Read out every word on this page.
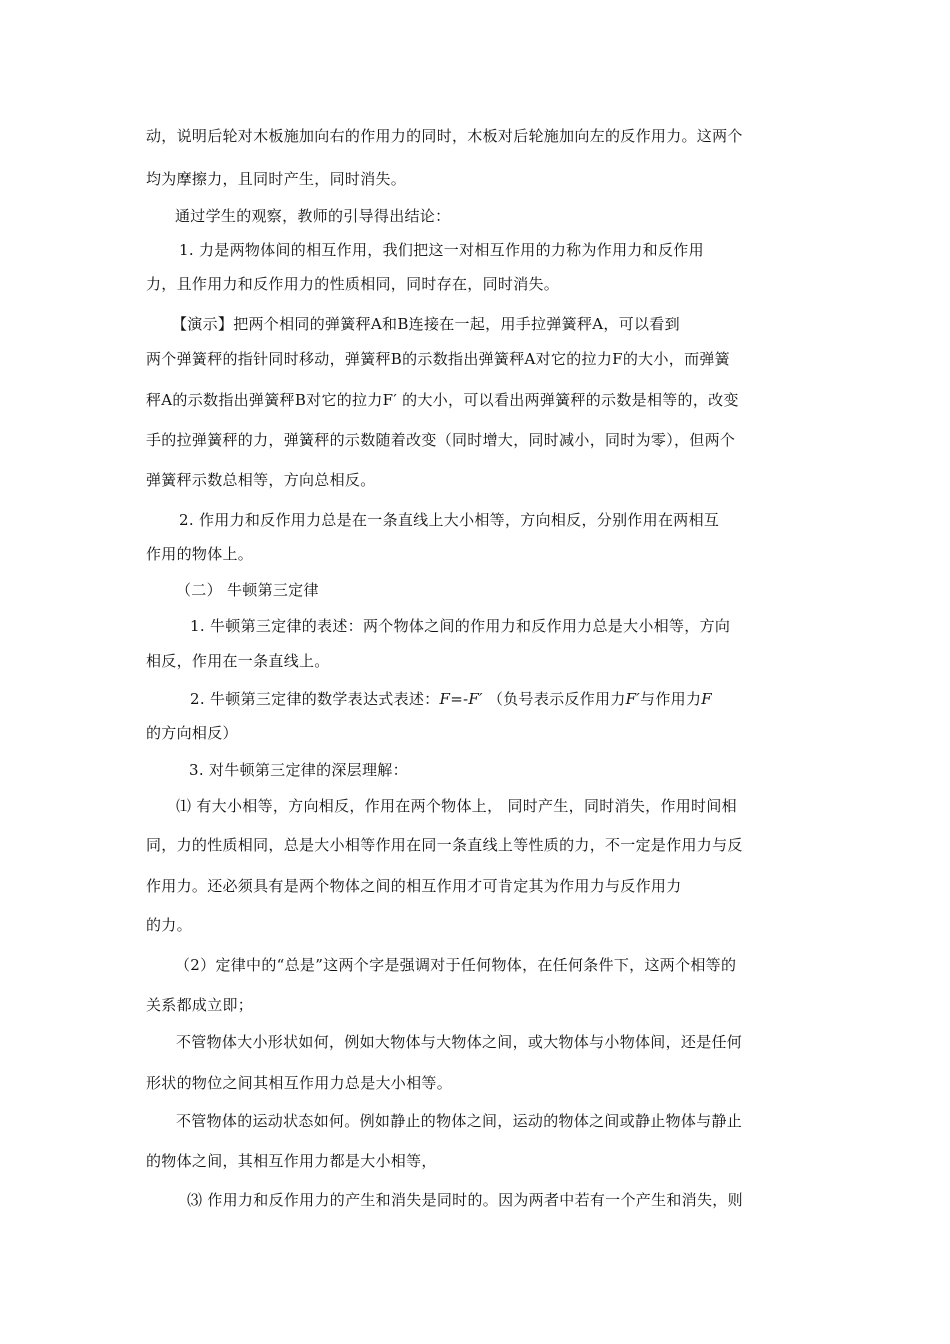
动，说明后轮对木板施加向右的作用力的同时，木板对后轮施加向左的反作用力。这两个
均为摩擦力，且同时产生，同时消失。
通过学生的观察，教师的引导得出结论：
1. 力是两物体间的相互作用，我们把这一对相互作用的力称为作用力和反作用
力，且作用力和反作用力的性质相同，同时存在，同时消失。
【演示】把两个相同的弹簧秤A和B连接在一起，用手拉弹簧秤A，可以看到
两个弹簧秤的指针同时移动，弹簧秤B的示数指出弹簧秤A对它的拉力F的大小，而弹簧
秤A的示数指出弹簧秤B对它的拉力F′ 的大小，可以看出两弹簧秤的示数是相等的，改变
手的拉弹簧秤的力，弹簧秤的示数随着改变（同时增大，同时减小，同时为零），但两个
弹簧秤示数总相等，方向总相反。
2. 作用力和反作用力总是在一条直线上大小相等，方向相反，分别作用在两相互
作用的物体上。
（二） 牛顿第三定律
1. 牛顿第三定律的表述：两个物体之间的作用力和反作用力总是大小相等，方向
相反，作用在一条直线上。
2. 牛顿第三定律的数学表达式表述：F=-F′ （负号表示反作用力F′与作用力F
的方向相反）
3. 对牛顿第三定律的深层理解：
⑴ 有大小相等，方向相反，作用在两个物体上， 同时产生，同时消失，作用时间相
同，力的性质相同，总是大小相等作用在同一条直线上等性质的力，不一定是作用力与反
作用力。还必须具有是两个物体之间的相互作用才可肯定其为作用力与反作用力
的力。
（2）定律中的“总是”这两个字是强调对于任何物体，在任何条件下，这两个相等的
关系都成立即；
不管物体大小形状如何，例如大物体与大物体之间，或大物体与小物体间，还是任何
形状的物位之间其相互作用力总是大小相等。
不管物体的运动状态如何。例如静止的物体之间，运动的物体之间或静止物体与静止
的物体之间，其相互作用力都是大小相等，
⑶ 作用力和反作用力的产生和消失是同时的。因为两者中若有一个产生和消失，则
